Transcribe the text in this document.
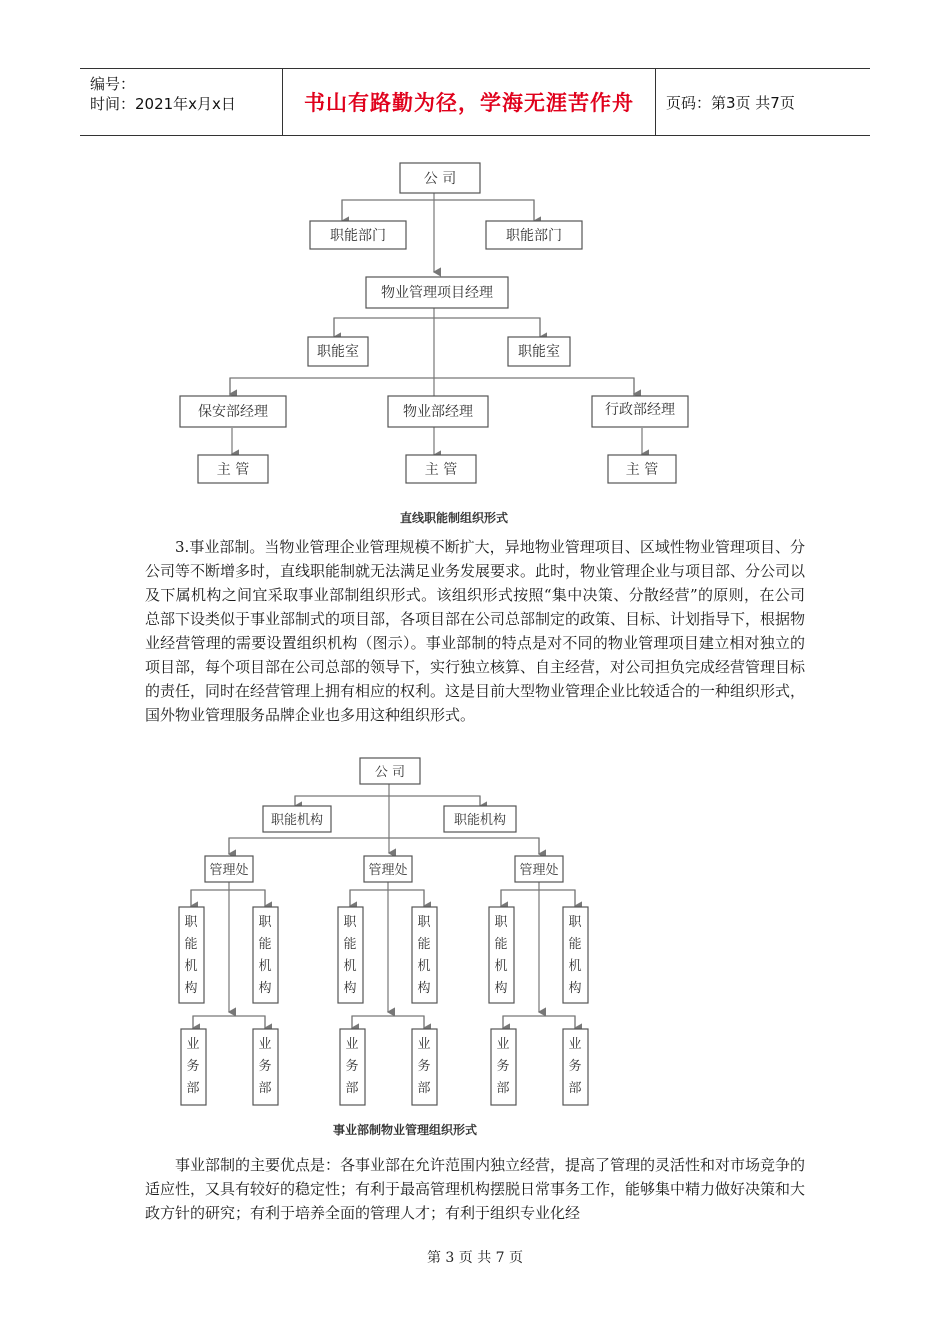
编号：
时间：2021年x月x日	书山有路勤为径，学海无涯苦作舟 页码：第3页 共7页
公 司
职能部门	职能部门
物业管理项目经理
职能室	职能室
保安部经理	物业部经理	行政部经理
主 管	主 管	主 管
直线职能制组织形式

3.事业部制。当物业管理企业管理规模不断扩大，异地物业管理项目、区域性物业管理项目、分公司等不断增多时，直线职能制就无法满足业务发展要求。此时，物业管理企业与项目部、分公司以及下属机构之间宜采取事业部制组织形式。该组织形式按照“集中决策、分散经营”的原则，在公司总部下设类似于事业部制式的项目部，各项目部在公司总部制定的政策、目标、计划指导下，根据物业经营管理的需要设置组织机构（图示）。事业部制的特点是对不同的物业管理项目建立相对独立的项目部，每个项目部在公司总部的领导下，实行独立核算、自主经营，对公司担负完成经营管理目标的责任，同时在经营管理上拥有相应的权利。这是目前大型物业管理企业比较适合的一种组织形式，国外物业管理服务品牌企业也多用这种组织形式。

管理处
职
能
机
构
职
能
机
构
业
务
部
业
务
部
管理处
职
能
机
构
职
能
机
构
业
务
部
业
务
部
管理处
职
能
机
构
职
能
机
构
业
务
部
业
务
部
公 司
职能机构	职能机构
事业部制物业管理组织形式

事业部制的主要优点是：各事业部在允许范围内独立经营，提高了管理的灵活性和对市场竞争的适应性，又具有较好的稳定性；有利于最高管理机构摆脱日常事务工作，能够集中精力做好决策和大政方针的研究；有利于培养全面的管理人才；有利于组织专业化经

第 3 页 共 7 页
